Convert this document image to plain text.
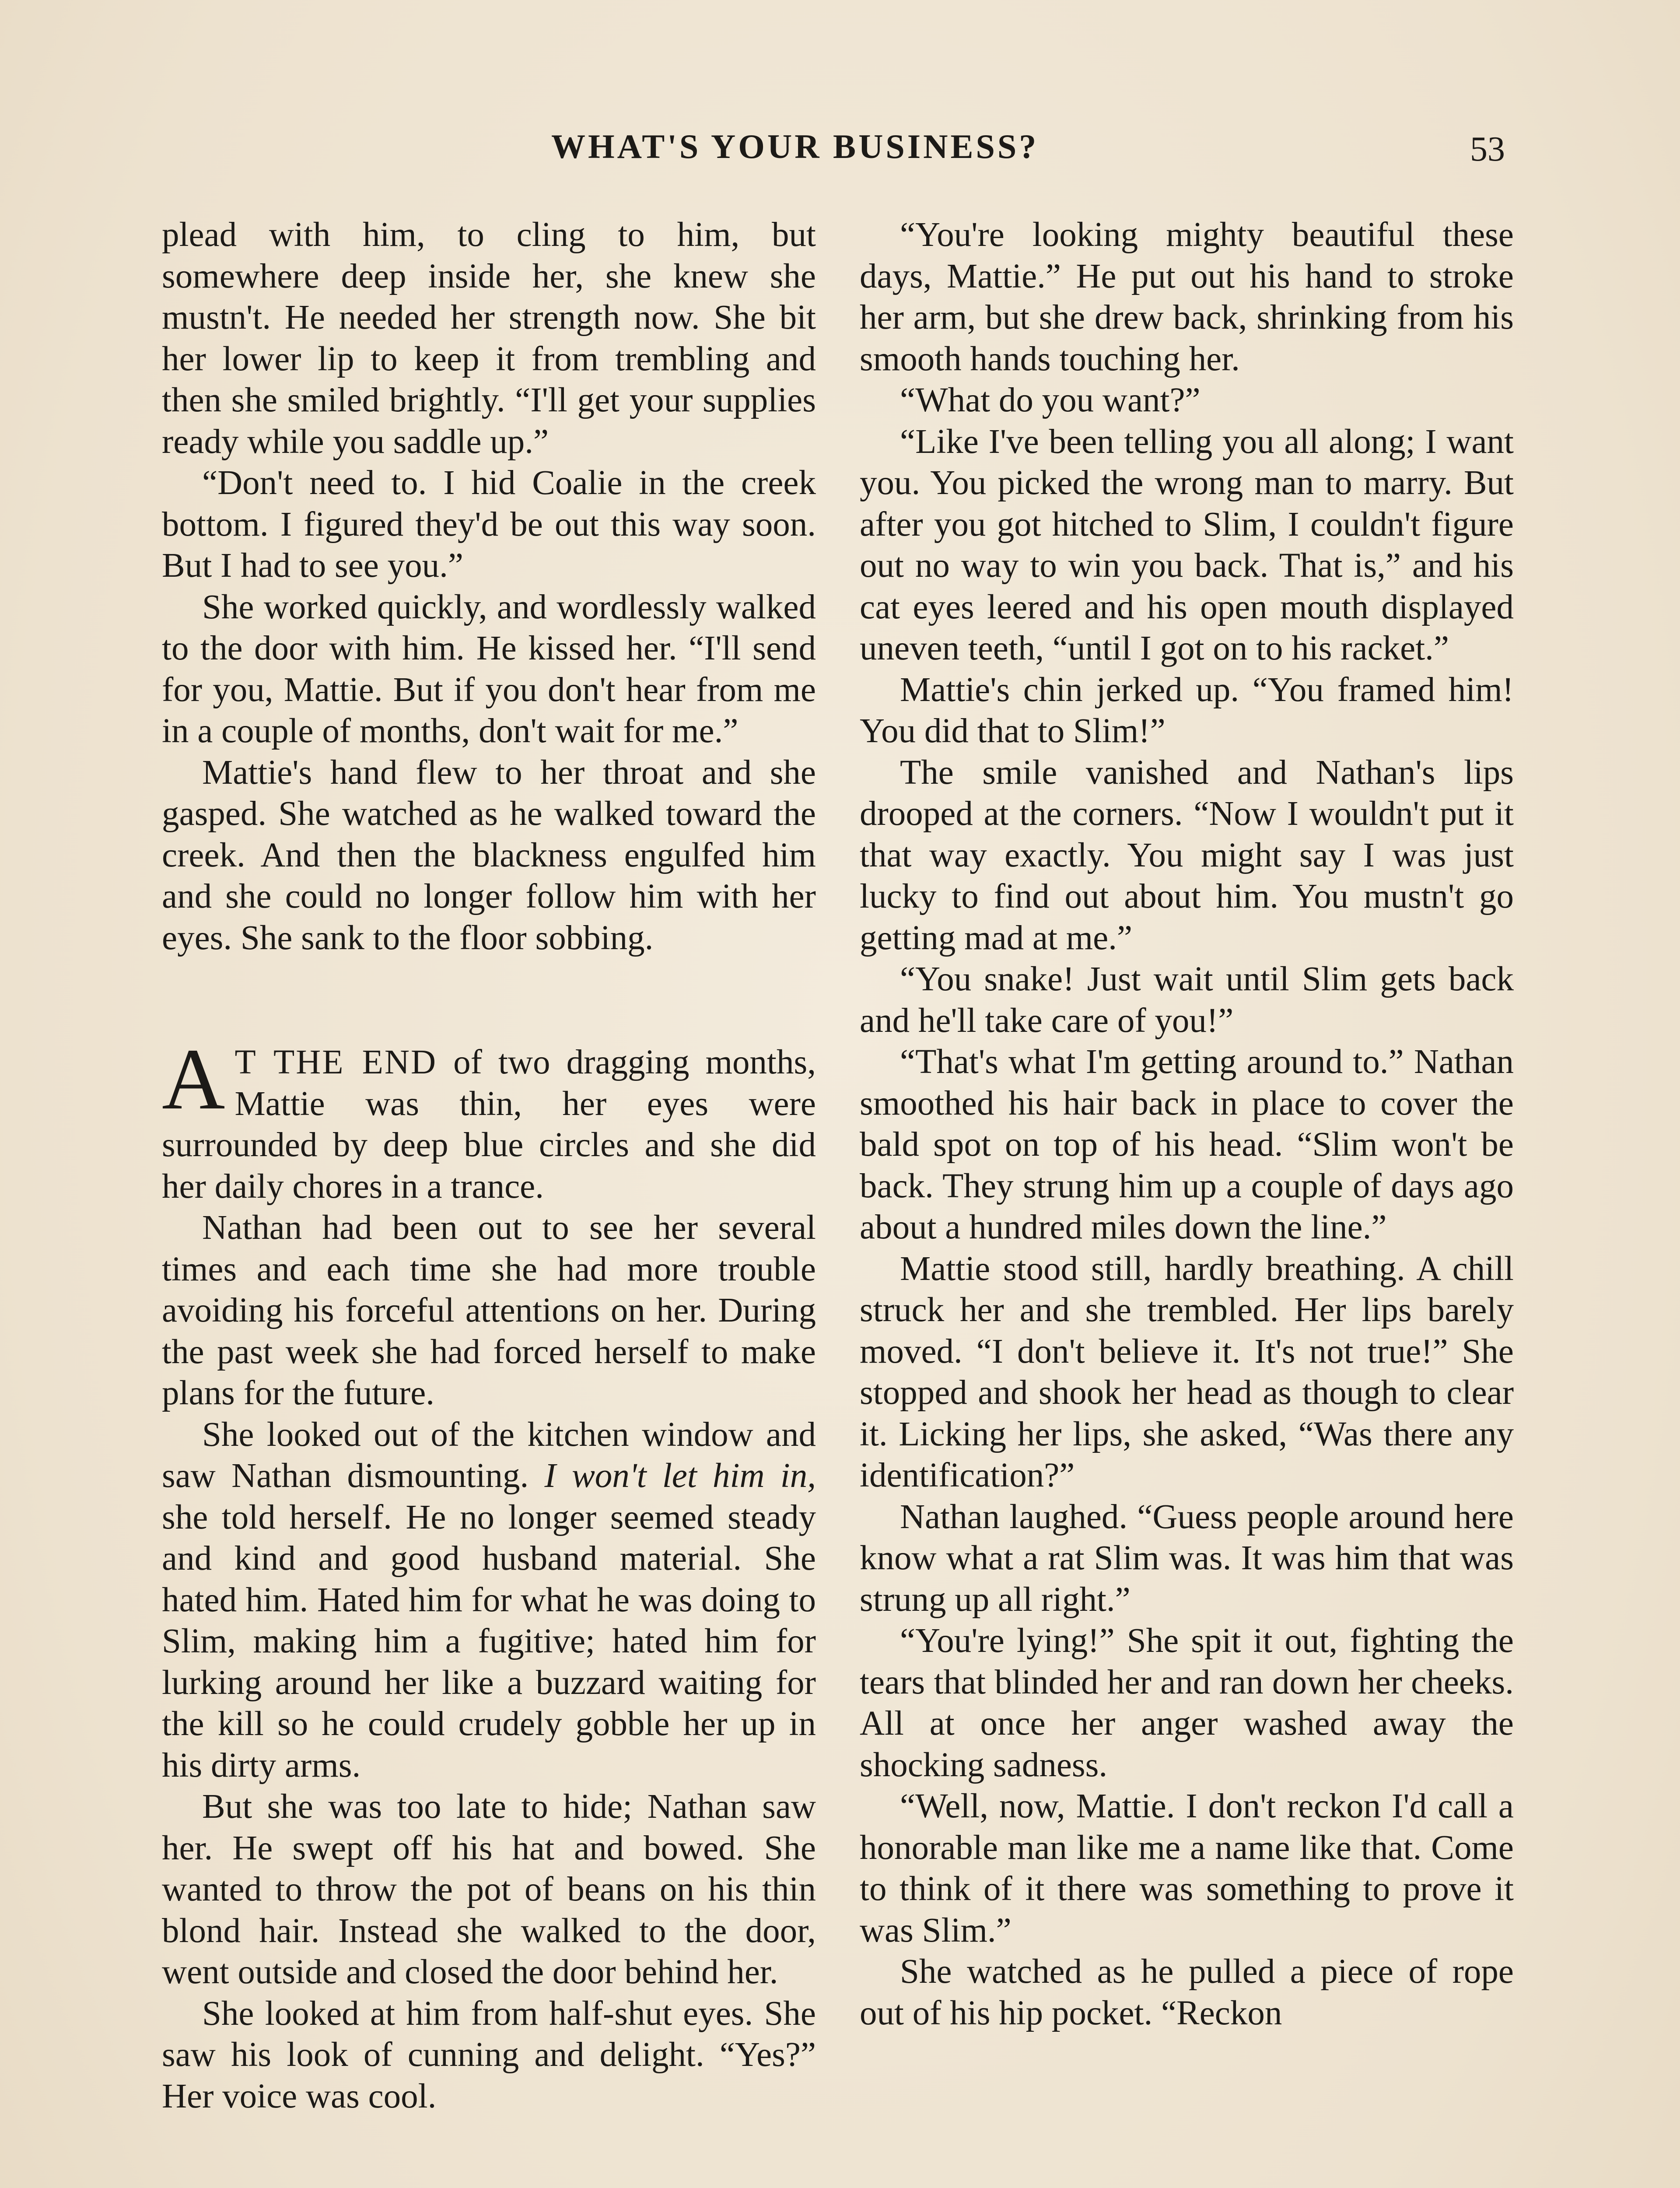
WHAT'S YOUR BUSINESS?	53

plead with him, to cling to him, but somewhere deep inside her, she knew she mustn't. He needed her strength now. She bit her lower lip to keep it from trembling and then she smiled brightly. “I'll get your supplies ready while you saddle up.”

“Don't need to. I hid Coalie in the creek bottom. I figured they'd be out this way soon. But I had to see you.”

She worked quickly, and wordlessly walked to the door with him. He kissed her. “I'll send for you, Mattie. But if you don't hear from me in a couple of months, don't wait for me.”

Mattie's hand flew to her throat and she gasped. She watched as he walked toward the creek. And then the blackness engulfed him and she could no longer follow him with her eyes. She sank to the floor sobbing.

A T THE END of two dragging months, Mattie was thin, her eyes were surrounded by deep blue circles and she did her daily chores in a trance.

Nathan had been out to see her several times and each time she had more trouble avoiding his forceful attentions on her. During the past week she had forced herself to make plans for the future.

She looked out of the kitchen window and saw Nathan dismounting. I won't let him in, she told herself. He no longer seemed steady and kind and good husband material. She hated him. Hated him for what he was doing to Slim, making him a fugitive; hated him for lurking around her like a buzzard waiting for the kill so he could crudely gobble her up in his dirty arms.

But she was too late to hide; Nathan saw her. He swept off his hat and bowed. She wanted to throw the pot of beans on his thin blond hair. Instead she walked to the door, went outside and closed the door behind her.

She looked at him from half-shut eyes. She saw his look of cunning and delight. “Yes?” Her voice was cool.

“You're looking mighty beautiful these days, Mattie.” He put out his hand to stroke her arm, but she drew back, shrinking from his smooth hands touching her.

“What do you want?”

“Like I've been telling you all along; I want you. You picked the wrong man to marry. But after you got hitched to Slim, I couldn't figure out no way to win you back. That is,” and his cat eyes leered and his open mouth displayed uneven teeth, “until I got on to his racket.”

Mattie's chin jerked up. “You framed him! You did that to Slim!”

The smile vanished and Nathan's lips drooped at the corners. “Now I wouldn't put it that way exactly. You might say I was just lucky to find out about him. You mustn't go getting mad at me.”

“You snake! Just wait until Slim gets back and he'll take care of you!”

“That's what I'm getting around to.” Nathan smoothed his hair back in place to cover the bald spot on top of his head. “Slim won't be back. They strung him up a couple of days ago about a hundred miles down the line.”

Mattie stood still, hardly breathing. A chill struck her and she trembled. Her lips barely moved. “I don't believe it. It's not true!” She stopped and shook her head as though to clear it. Licking her lips, she asked, “Was there any identification?”

Nathan laughed. “Guess people around here know what a rat Slim was. It was him that was strung up all right.”

“You're lying!” She spit it out, fighting the tears that blinded her and ran down her cheeks. All at once her anger washed away the shocking sadness.

“Well, now, Mattie. I don't reckon I'd call a honorable man like me a name like that. Come to think of it there was something to prove it was Slim.”

She watched as he pulled a piece of rope out of his hip pocket. “Reckon
